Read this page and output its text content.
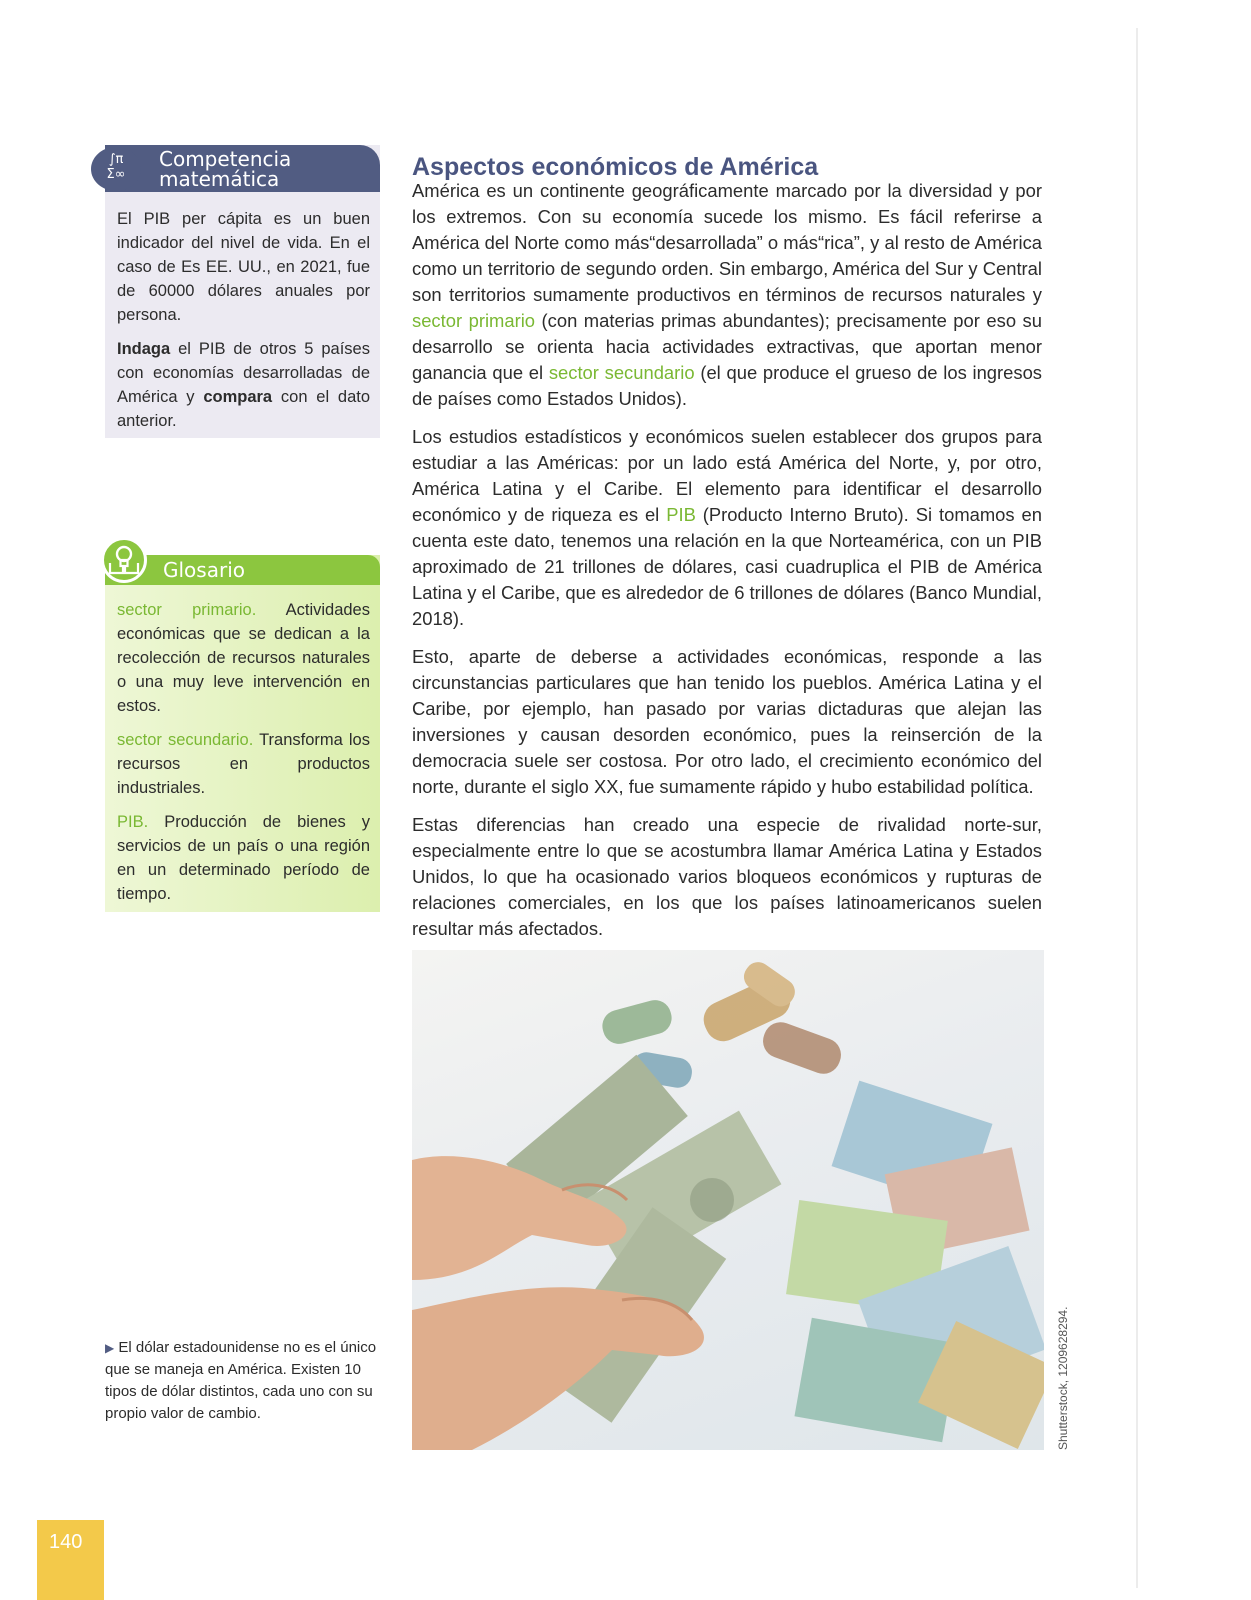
∫π
Σ∞
Competencia
matemática

El PIB per cápita es un buen indicador del nivel de vida. En el caso de Es EE. UU., en 2021, fue de 60000 dólares anuales por persona.

Indaga el PIB de otros 5 países con economías desarrolladas de América y compara con el dato anterior.

Glosario

sector primario. Actividades económicas que se dedican a la recolección de recursos naturales o una muy leve intervención en estos.

sector secundario. Transforma los recursos en productos industriales.

PIB. Producción de bienes y servicios de un país o una región en un determinado período de tiempo.

Aspectos económicos de América

América es un continente geográficamente marcado por la diversidad y por los extremos. Con su economía sucede los mismo. Es fácil referirse a América del Norte como más“desarrollada” o más“rica”, y al resto de América como un territorio de segundo orden. Sin embargo, América del Sur y Central son territorios sumamente productivos en términos de recursos naturales y sector primario (con materias primas abundantes); precisamente por eso su desarrollo se orienta hacia actividades extractivas, que aportan menor ganancia que el sector secundario (el que produce el grueso de los ingresos de países como Estados Unidos).

Los estudios estadísticos y económicos suelen establecer dos grupos para estudiar a las Américas: por un lado está América del Norte, y, por otro, América Latina y el Caribe. El elemento para identificar el desarrollo económico y de riqueza es el PIB (Producto Interno Bruto). Si tomamos en cuenta este dato, tenemos una relación en la que Norteamérica, con un PIB aproximado de 21 trillones de dólares, casi cuadruplica el PIB de América Latina y el Caribe, que es alrededor de 6 trillones de dólares (Banco Mundial, 2018).

Esto, aparte de deberse a actividades económicas, responde a las circunstancias particulares que han tenido los pueblos. América Latina y el Caribe, por ejemplo, han pasado por varias dictaduras que alejan las inversiones y causan desorden económico, pues la reinserción de la democracia suele ser costosa. Por otro lado, el crecimiento económico del norte, durante el siglo XX, fue sumamente rápido y hubo estabilidad política.

Estas diferencias han creado una especie de rivalidad norte-sur, especialmente entre lo que se acostumbra llamar América Latina y Estados Unidos, lo que ha ocasionado varios bloqueos económicos y rupturas de relaciones comerciales, en los que los países latinoamericanos suelen resultar más afectados.

Shutterstock, 1209628294.
▶ El dólar estadounidense no es el único que se maneja en América. Existen 10 tipos de dólar distintos, cada uno con su propio valor de cambio.
140
